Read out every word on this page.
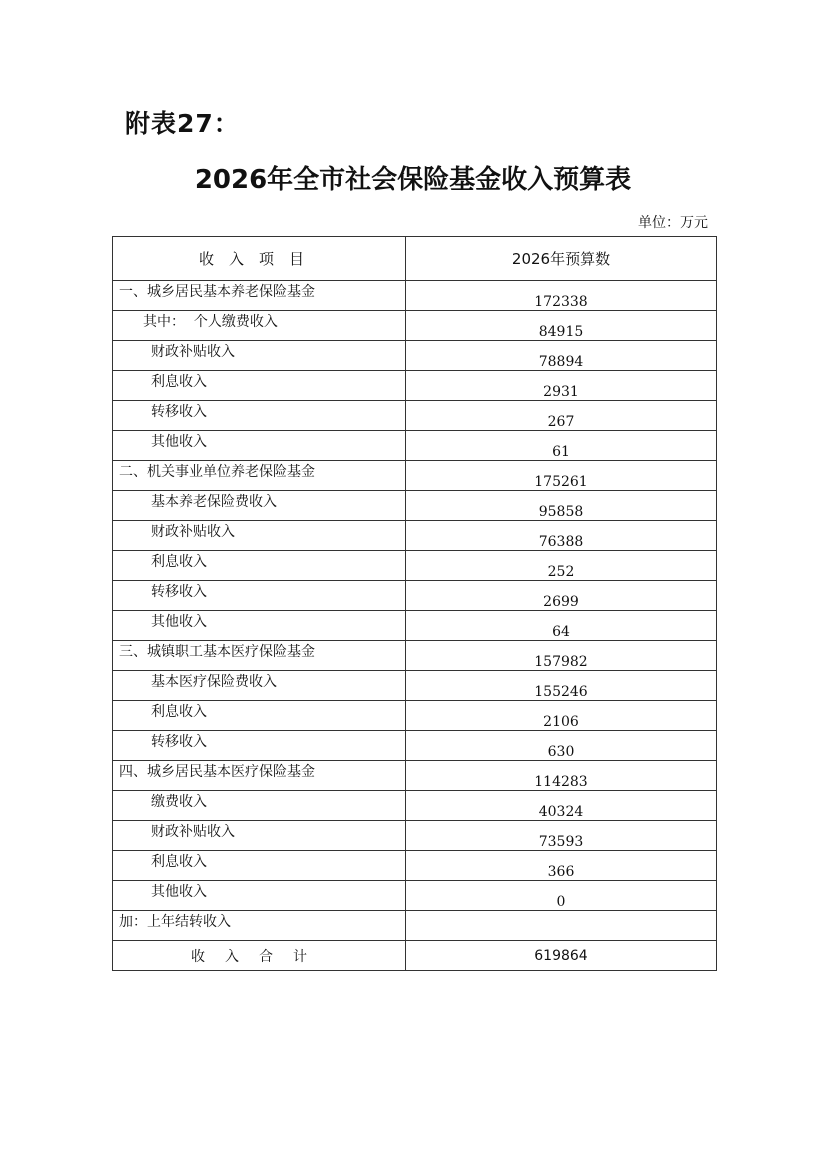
附表27：
2026年全市社会保险基金收入预算表
单位：万元
收入项目	2026年预算数
一、城乡居民基本养老保险基金	172338
其中：  个人缴费收入	84915
财政补贴收入	78894
利息收入	2931
转移收入	267
其他收入	61
二、机关事业单位养老保险基金	175261
基本养老保险费收入	95858
财政补贴收入	76388
利息收入	252
转移收入	2699
其他收入	64
三、城镇职工基本医疗保险基金	157982
基本医疗保险费收入	155246
利息收入	2106
转移收入	630
四、城乡居民基本医疗保险基金	114283
缴费收入	40324
财政补贴收入	73593
利息收入	366
其他收入	0
加：上年结转收入	
收入合计	619864
